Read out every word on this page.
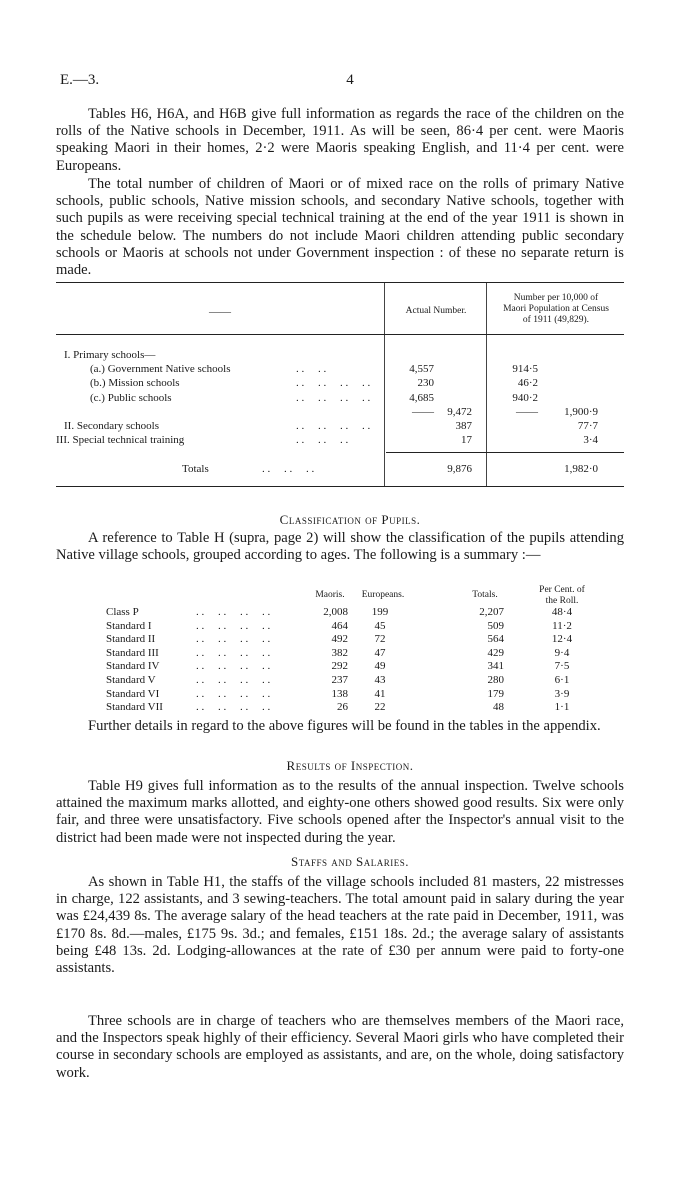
E.—3.	4

Tables H6, H6A, and H6B give full information as regards the race of the children on the rolls of the Native schools in December, 1911. As will be seen, 86·4 per cent. were Maoris speaking Maori in their homes, 2·2 were Maoris speaking English, and 11·4 per cent. were Europeans.

The total number of children of Maori or of mixed race on the rolls of primary Native schools, public schools, Native mission schools, and secondary Native schools, together with such pupils as were receiving special technical training at the end of the year 1911 is shown in the schedule below. The numbers do not include Maori children attending public secondary schools or Maoris at schools not under Government inspection : of these no separate return is made.

——	Actual Number.
Number per 10,000 of
Maori Population at Census
of 1911 (49,829).
I. Primary schools—
(a.) Government Native schools	. .     . .	4,557	914·5
(b.) Mission schools	. .     . .     . .     . .	230	46·2
(c.) Public schools	. .     . .     . .     . .	4,685	940·2
——	9,472	——	1,900·9
II. Secondary schools	. .     . .     . .     . .	387	77·7
III. Special technical training	. .     . .     . .	17	3·4
Totals	. .     . .     . .	9,876	1,982·0
Classification of Pupils.

A reference to Table H (supra, page 2) will show the classification of the pupils attending Native village schools, grouped according to ages. The following is a summary :—

Maoris.	Europeans.	Totals.	Per Cent. of
the Roll.
Class P	2,008	199	2,207	48·4
. .     . .     . .     . .
Standard I	464	45	509	11·2
. .     . .     . .     . .
Standard II	492	72	564	12·4
. .     . .     . .     . .
Standard III	382	47	429	9·4
. .     . .     . .     . .
Standard IV	292	49	341	7·5
. .     . .     . .     . .
Standard V	237	43	280	6·1
. .     . .     . .     . .
Standard VI	138	41	179	3·9
. .     . .     . .     . .
Standard VII	26	22	48	1·1
. .     . .     . .     . .

Further details in regard to the above figures will be found in the tables in the appendix.

Results of Inspection.

Table H9 gives full information as to the results of the annual inspection. Twelve schools attained the maximum marks allotted, and eighty-one others showed good results. Six were only fair, and three were unsatisfactory. Five schools opened after the Inspector's annual visit to the district had been made were not inspected during the year.

Staffs and Salaries.

As shown in Table H1, the staffs of the village schools included 81 masters, 22 mistresses in charge, 122 assistants, and 3 sewing-teachers. The total amount paid in salary during the year was £24,439 8s. The average salary of the head teachers at the rate paid in December, 1911, was £170 8s. 8d.—males, £175 9s. 3d.; and females, £151 18s. 2d.; the average salary of assistants being £48 13s. 2d. Lodging-allowances at the rate of £30 per annum were paid to forty-one assistants.

Three schools are in charge of teachers who are themselves members of the Maori race, and the Inspectors speak highly of their efficiency. Several Maori girls who have completed their course in secondary schools are employed as assistants, and are, on the whole, doing satisfactory work.
